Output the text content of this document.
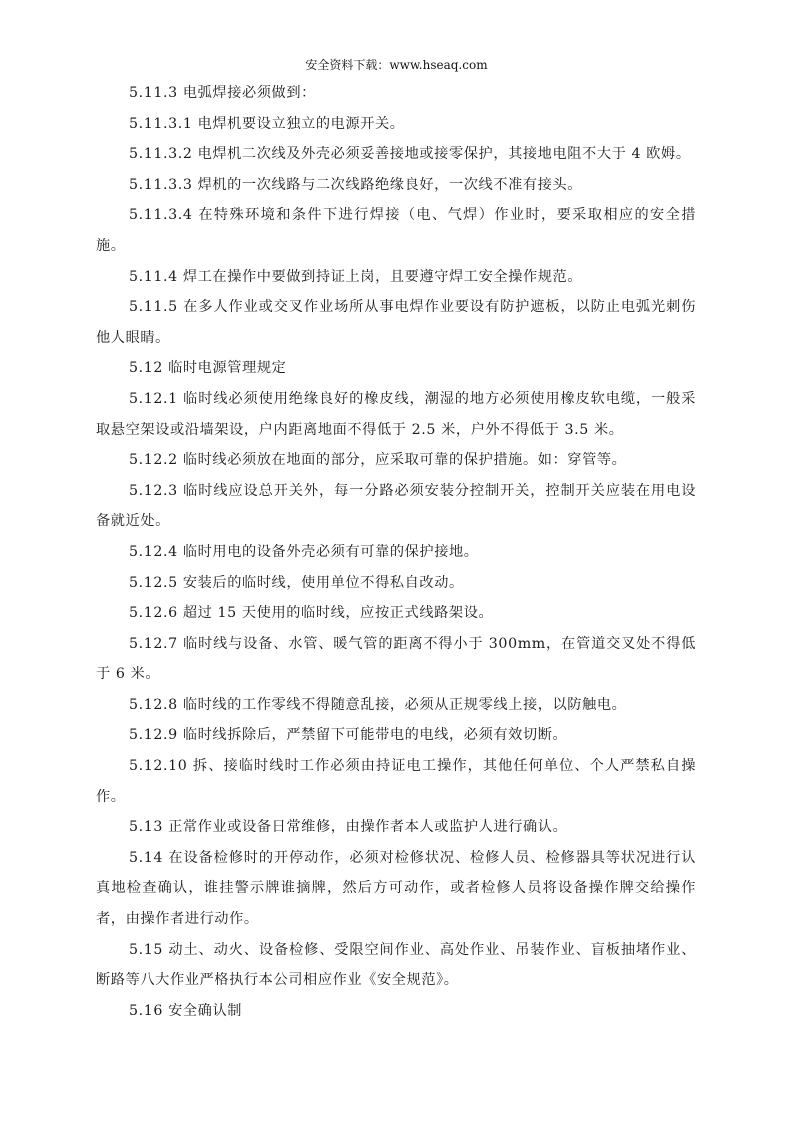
安全资料下载：www.hseaq.com

5.11.3 电弧焊接必须做到：

5.11.3.1 电焊机要设立独立的电源开关。

5.11.3.2 电焊机二次线及外壳必须妥善接地或接零保护，其接地电阻不大于 4 欧姆。

5.11.3.3 焊机的一次线路与二次线路绝缘良好，一次线不准有接头。

5.11.3.4 在特殊环境和条件下进行焊接（电、气焊）作业时，要采取相应的安全措施。

5.11.4 焊工在操作中要做到持证上岗，且要遵守焊工安全操作规范。

5.11.5 在多人作业或交叉作业场所从事电焊作业要设有防护遮板，以防止电弧光刺伤他人眼睛。

5.12 临时电源管理规定

5.12.1 临时线必须使用绝缘良好的橡皮线，潮湿的地方必须使用橡皮软电缆，一般采取悬空架设或沿墙架设，户内距离地面不得低于 2.5 米，户外不得低于 3.5 米。

5.12.2 临时线必须放在地面的部分，应采取可靠的保护措施。如：穿管等。

5.12.3 临时线应设总开关外，每一分路必须安装分控制开关，控制开关应装在用电设备就近处。

5.12.4 临时用电的设备外壳必须有可靠的保护接地。

5.12.5 安装后的临时线，使用单位不得私自改动。

5.12.6 超过 15 天使用的临时线，应按正式线路架设。

5.12.7 临时线与设备、水管、暖气管的距离不得小于 300mm，在管道交叉处不得低于 6 米。

5.12.8 临时线的工作零线不得随意乱接，必须从正规零线上接，以防触电。

5.12.9 临时线拆除后，严禁留下可能带电的电线，必须有效切断。

5.12.10 拆、接临时线时工作必须由持证电工操作，其他任何单位、个人严禁私自操作。

5.13 正常作业或设备日常维修，由操作者本人或监护人进行确认。

5.14 在设备检修时的开停动作，必须对检修状况、检修人员、检修器具等状况进行认真地检查确认，谁挂警示牌谁摘牌，然后方可动作，或者检修人员将设备操作牌交给操作者，由操作者进行动作。

5.15 动土、动火、设备检修、受限空间作业、高处作业、吊装作业、盲板抽堵作业、断路等八大作业严格执行本公司相应作业《安全规范》。

5.16 安全确认制
